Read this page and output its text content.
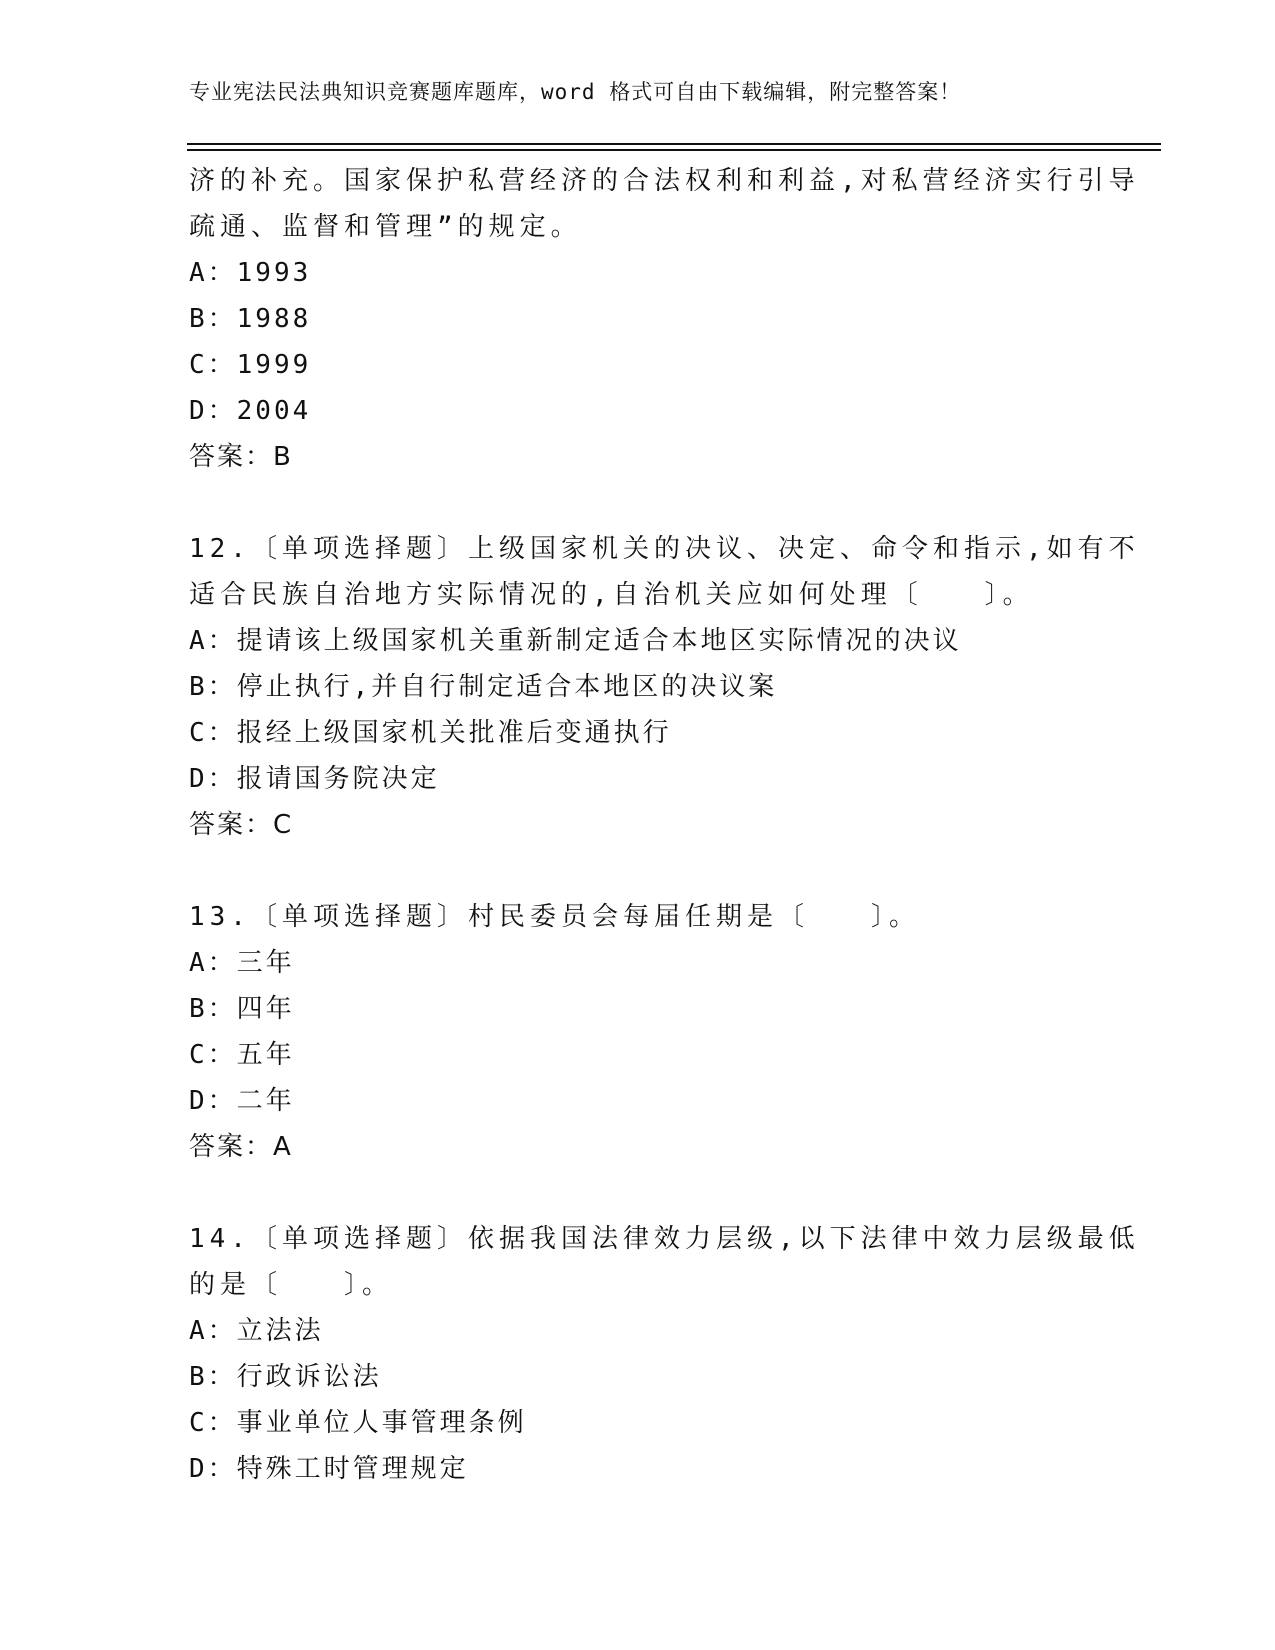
专业宪法民法典知识竞赛题库题库，word 格式可自由下载编辑，附完整答案！
济的补充。国家保护私营经济的合法权利和利益,对私营经济实行引导
疏通、监督和管理”的规定。
A：1993
B：1988
C：1999
D：2004
答案：B
12.〔单项选择题〕上级国家机关的决议、决定、命令和指示,如有不
适合民族自治地方实际情况的,自治机关应如何处理〔　　〕。
A：提请该上级国家机关重新制定适合本地区实际情况的决议
B：停止执行,并自行制定适合本地区的决议案
C：报经上级国家机关批准后变通执行
D：报请国务院决定
答案：C
13.〔单项选择题〕村民委员会每届任期是〔　　〕。
A：三年
B：四年
C：五年
D：二年
答案：A
14.〔单项选择题〕依据我国法律效力层级,以下法律中效力层级最低
的是〔　　〕。
A：立法法
B：行政诉讼法
C：事业单位人事管理条例
D：特殊工时管理规定
